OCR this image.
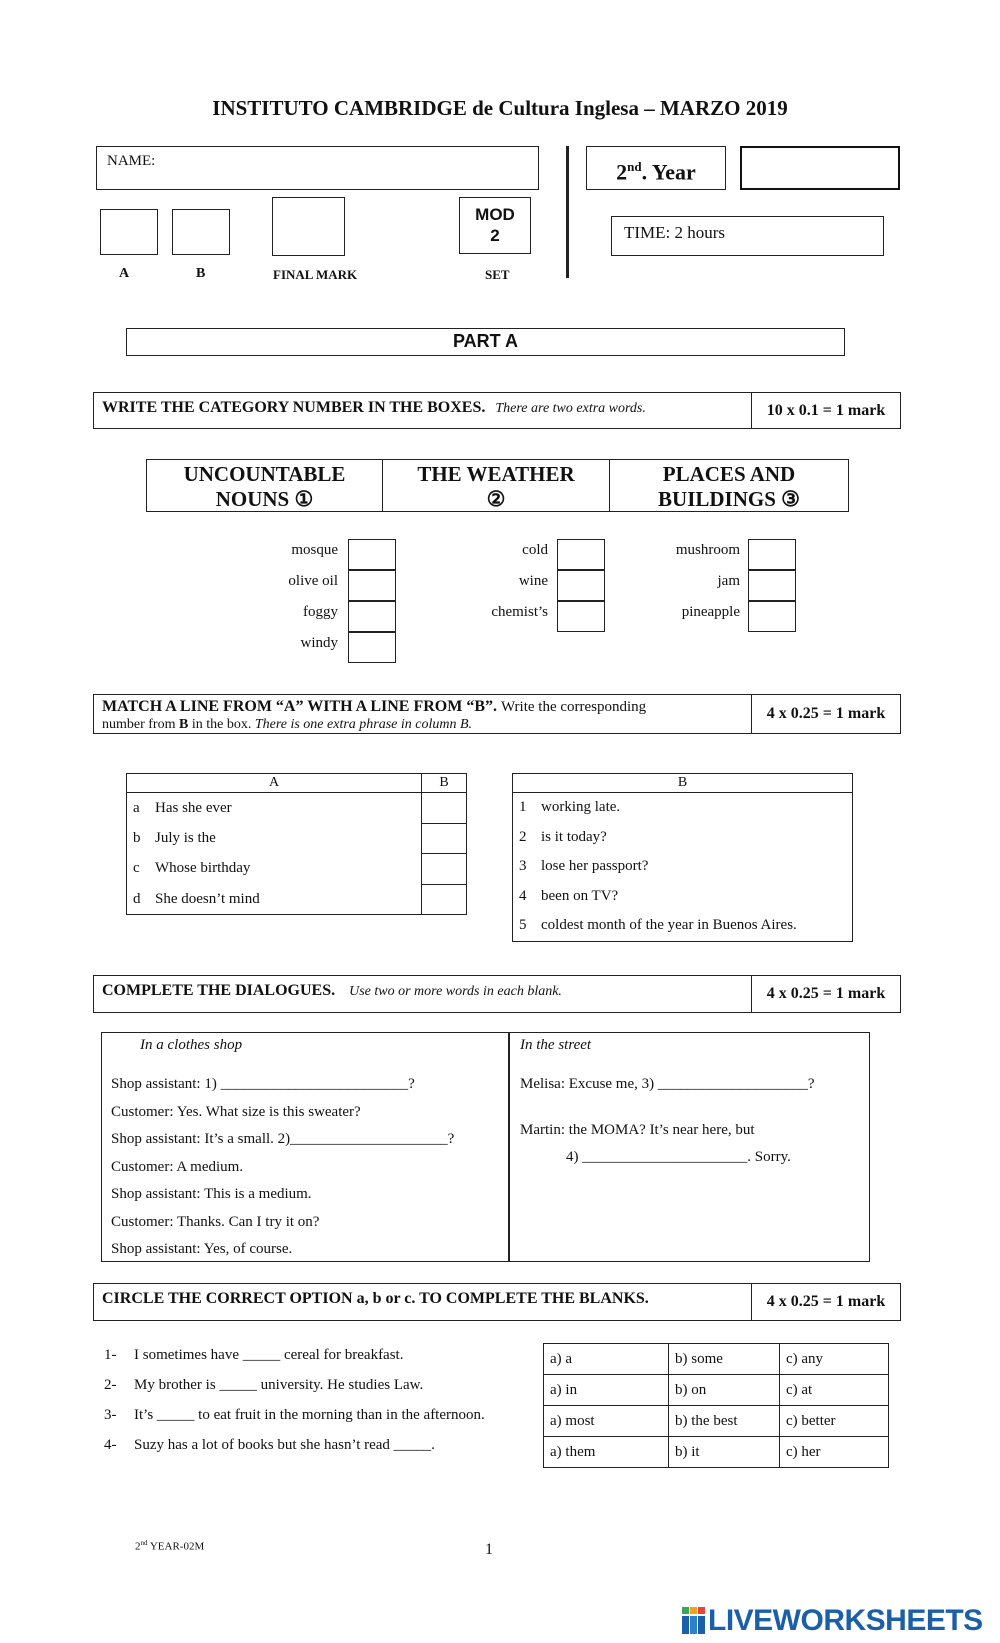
INSTITUTO CAMBRIDGE de Cultura Inglesa – MARZO 2019
NAME:	2nd. Year
MOD
2
A	B	FINAL MARK	SET
TIME: 2 hours
PART A
WRITE THE CATEGORY NUMBER IN THE BOXES. There are two extra words.	10 x 0.1 = 1 mark
UNCOUNTABLE
NOUNS ①
THE WEATHER
②
PLACES AND
BUILDINGS ③
mosque
olive oil
foggy
windy
cold
wine
chemist’s
mushroom
jam
pineapple
MATCH A LINE FROM “A” WITH A LINE FROM “B”. Write the corresponding
number from B in the box. There is one extra phrase in column B.
4 x 0.25 = 1 mark
A		B
a	Has she ever	
b	July is the	
c	Whose birthday	
d	She doesn’t mind	
B	
1	working late.
2	is it today?
3	lose her passport?
4	been on TV?
5	coldest month of the year in Buenos Aires.
COMPLETE THE DIALOGUES. Use two or more words in each blank.	4 x 0.25 = 1 mark
In a clothes shop
Shop assistant: 1) _________________________?
Customer: Yes. What size is this sweater?
Shop assistant: It’s a small. 2)_____________________?
Customer: A medium.
Shop assistant: This is a medium.
Customer: Thanks. Can I try it on?
Shop assistant: Yes, of course.
In the street
Melisa: Excuse me, 3) ____________________?
Martin: the MOMA? It’s near here, but
4) ______________________. Sorry.
CIRCLE THE CORRECT OPTION a, b or c. TO COMPLETE THE BLANKS.	4 x 0.25 = 1 mark
1- I sometimes have _____ cereal for breakfast.
2- My brother is _____ university. He studies Law.
3- It’s _____ to eat fruit in the morning than in the afternoon.
4- Suzy has a lot of books but she hasn’t read _____.
a) a	b) some	c) any
a) in	b) on	c) at
a) most	b) the best	c) better
a) them	b) it	c) her
2nd YEAR-02M	1
LIVEWORKSHEETS
